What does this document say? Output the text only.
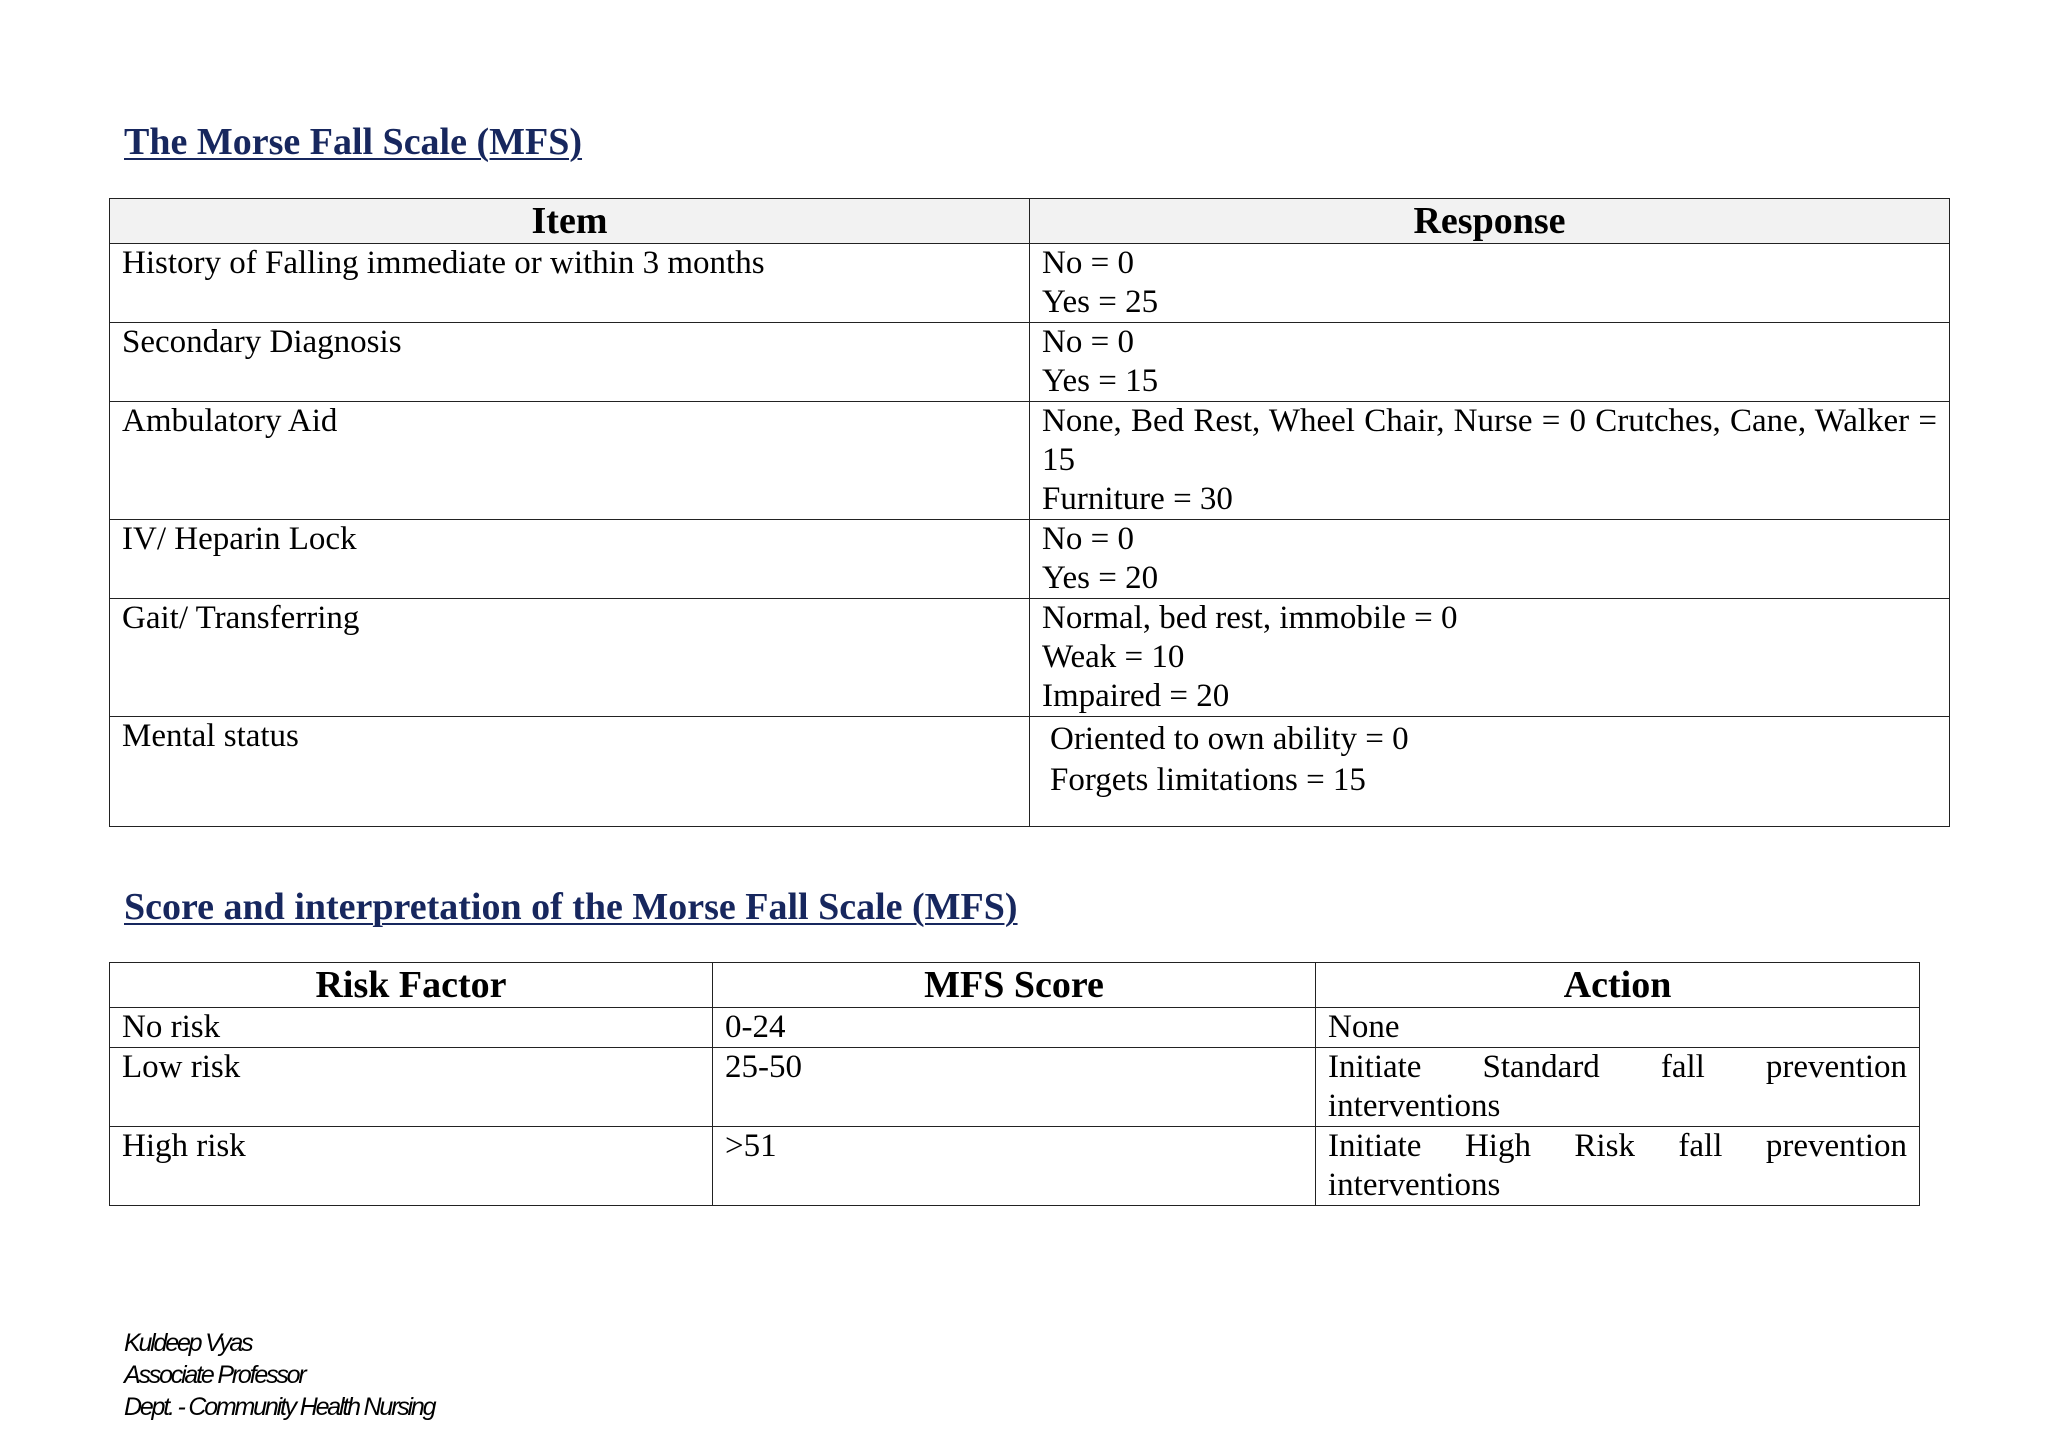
The Morse Fall Scale (MFS)
Item	Response
History of Falling immediate or within 3 months	No = 0
Yes = 25

Secondary Diagnosis	No = 0
Yes = 15

Ambulatory Aid	None, Bed Rest, Wheel Chair, Nurse = 0 Crutches, Cane, Walker = 15
Furniture = 30

IV/ Heparin Lock	No = 0
Yes = 20

Gait/ Transferring	Normal, bed rest, immobile = 0
Weak = 10
Impaired = 20

Mental status	Oriented to own ability = 0
Forgets limitations = 15
Score and interpretation of the Morse Fall Scale (MFS)
Risk Factor	MFS Score	Action
No risk	0-24	None
Low risk	25-50	Initiate Standard fall prevention interventions
High risk	>51	Initiate High Risk fall prevention interventions
Kuldeep Vyas
Associate Professor
Dept. - Community Health Nursing
